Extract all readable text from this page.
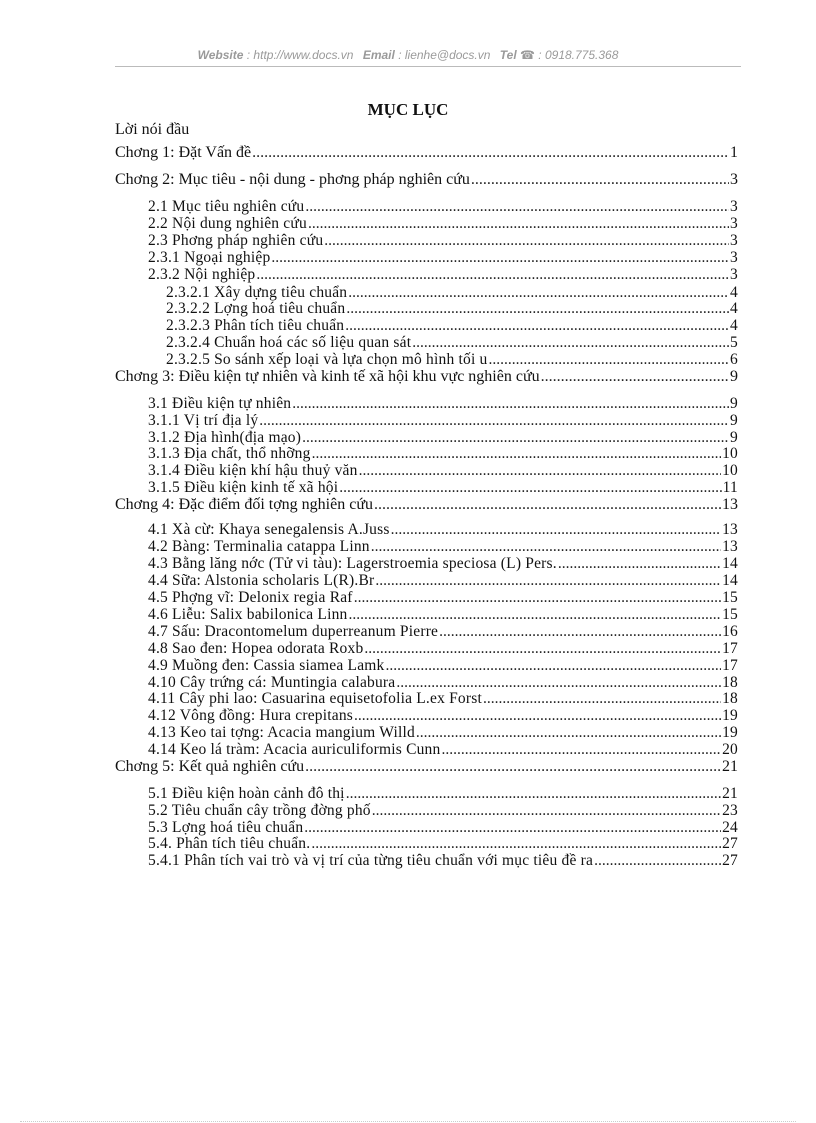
Website : http://www.docs.vn Email : lienhe@docs.vn Tel ☎ : 0918.775.368
MỤC LỤC
Lời nói đầu
Chơng 1: Đặt Vấn đề .....	1
Chơng 2: Mục tiêu - nội dung - phơng pháp nghiên cứu .....	3
2.1 Mục tiêu nghiên cứu .....	3
2.2 Nội dung nghiên cứu .....	3
2.3 Phơng pháp nghiên cứu .....	3
2.3.1 Ngoại nghiệp .....	3
2.3.2 Nội nghiệp .....	3
2.3.2.1 Xây dựng tiêu chuẩn .....	4
2.3.2.2 Lợng hoá tiêu chuẩn .....	4
2.3.2.3 Phân tích tiêu chuẩn .....	4
2.3.2.4 Chuẩn hoá các số liệu quan sát .....	5
2.3.2.5 So sánh xếp loại và lựa chọn mô hình tối u .....	6
Chơng 3: Điều kiện tự nhiên và kinh tế xã hội khu vực nghiên cứu .....	9
3.1 Điều kiện tự nhiên .....	9
3.1.1 Vị trí địa lý .....	9
3.1.2 Địa hình(địa mạo) .....	9
3.1.3 Địa chất, thổ nhỡng .....	10
3.1.4 Điều kiện khí hậu thuỷ văn .....	10
3.1.5 Điều kiện kinh tế xã hội .....	11
Chơng 4: Đặc điểm đối tợng nghiên cứu .....	13
4.1 Xà cừ: Khaya senegalensis A.Juss .....	13
4.2 Bàng: Terminalia catappa Linn .....	13
4.3 Bằng lăng nớc (Tử vi tàu): Lagerstroemia speciosa (L) Pers. .....	14
4.4 Sữa: Alstonia scholaris L(R).Br .....	14
4.5 Phợng vĩ: Delonix regia Raf .....	15
4.6 Liễu: Salix babilonica Linn .....	15
4.7 Sấu: Dracontomelum duperreanum Pierre .....	16
4.8 Sao đen: Hopea odorata Roxb .....	17
4.9 Muồng đen: Cassia siamea Lamk .....	17
4.10 Cây trứng cá: Muntingia calabura .....	18
4.11 Cây phi lao: Casuarina equisetofolia L.ex Forst .....	18
4.12 Vông đồng: Hura crepitans .....	19
4.13 Keo tai tợng: Acacia mangium Willd .....	19
4.14 Keo lá tràm: Acacia auriculiformis Cunn .....	20
Chơng 5: Kết quả nghiên cứu .....	21
5.1 Điều kiện hoàn cảnh đô thị .....	21
5.2 Tiêu chuẩn cây trồng đờng phố .....	23
5.3 Lợng hoá tiêu chuẩn .....	24
5.4. Phân tích tiêu chuẩn. .....	27
5.4.1 Phân tích vai trò và vị trí của từng tiêu chuẩn với mục tiêu đề ra .....	27
